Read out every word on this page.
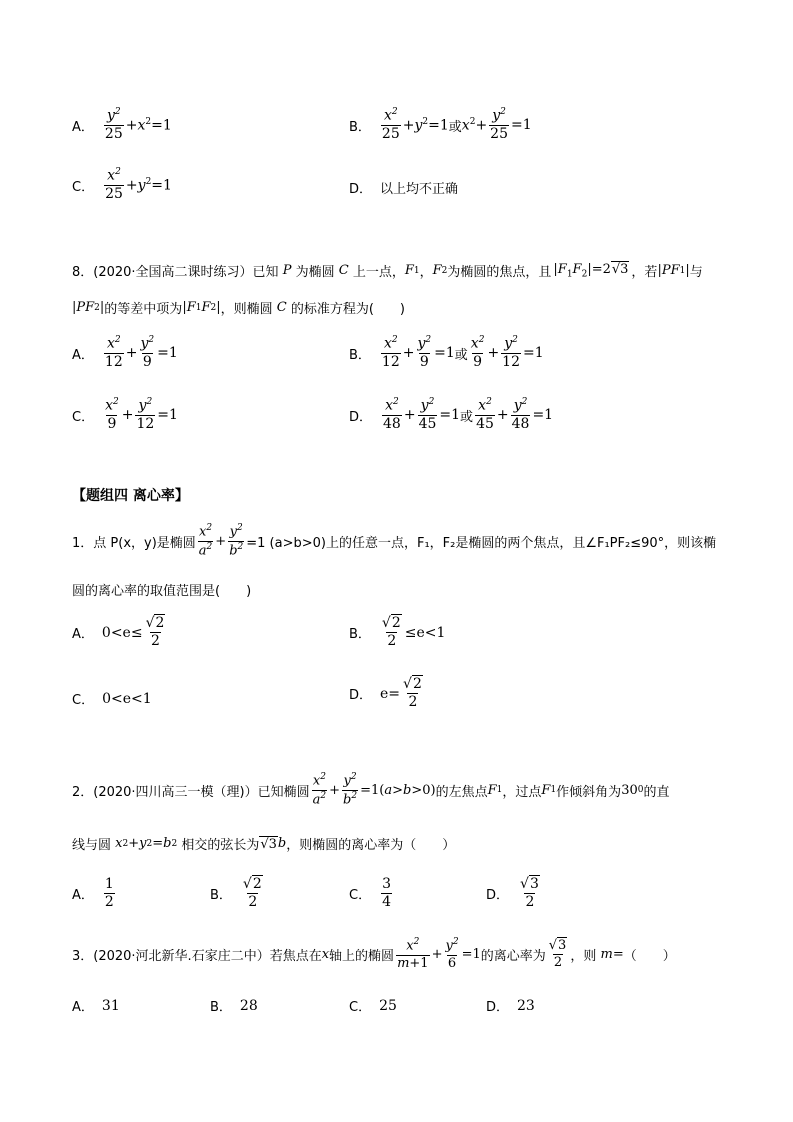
A． $\frac{y^2}{25} +x^2=1$	B． $\frac{x^2}{25} +y^2=1$ 或 $x^2+ \frac{y^2}{25} =1$
C． $\frac{x^2}{25} +y^2=1$	D． 以上均不正确
8．(2020·全国高二课时练习）已知 P 为椭圆 C 上一点， F 1 ， F 2 为椭圆的焦点，且 $|F_1F_2|=2√3$ ，若 | PF 1 | 与
| PF 2 | 的等差中项为 | F 1 F 2 | ，则椭圆 C 的标准方程为(　　)
A． $\frac{x^2}{12} + \frac{y^2}{9} =1$	B． $\frac{x^2}{12} + \frac{y^2}{9} =1$ 或 $\frac{x^2}{9} + \frac{y^2}{12} =1$
C． $\frac{x^2}{9} + \frac{y^2}{12} =1$	D． $\frac{x^2}{48} + \frac{y^2}{45} =1$ 或 $\frac{x^2}{45} + \frac{y^2}{48} =1$
【题组四 离心率】
1．点 P(x，y)是椭圆 $\frac{x^2}{a^2} + \frac{y^2}{b^2} =1$ (a>b>0)上的任意一点，F₁，F₂是椭圆的两个焦点，且∠F₁PF₂≤90°，则该椭
圆的离心率的取值范围是(　　)
A． $0<e\le \frac{√2}{2}$	B． $\frac{√2}{2} \le e<1$
C． 0<e<1	D． $e= \frac{√2}{2}$
2．(2020·四川高三一模（理)）已知椭圆 $\frac{x^2}{a^2} + \frac{y^2}{b^2} =1$( a > b >0) 的左焦点 F 1 ，过点 F 1 作倾斜角为 30 0 的直
线与圆
x 2 + y 2 = b 2
相交的弦长为 √3 b ，则椭圆的离心率为（　　）
A． $\frac{1}{2}$	B． $\frac{√2}{2}$	C． $\frac{3}{4}$	D． $\frac{√3}{2}$
3．(2020·河北新华.石家庄二中）若焦点在 x 轴上的椭圆 $\frac{x^2}{m+1} + \frac{y^2}{6} =1$ 的离心率为 $\frac{√3}{2}$ ，则 m = （　　）
A． 31	B． 28	C． 25	D． 23
